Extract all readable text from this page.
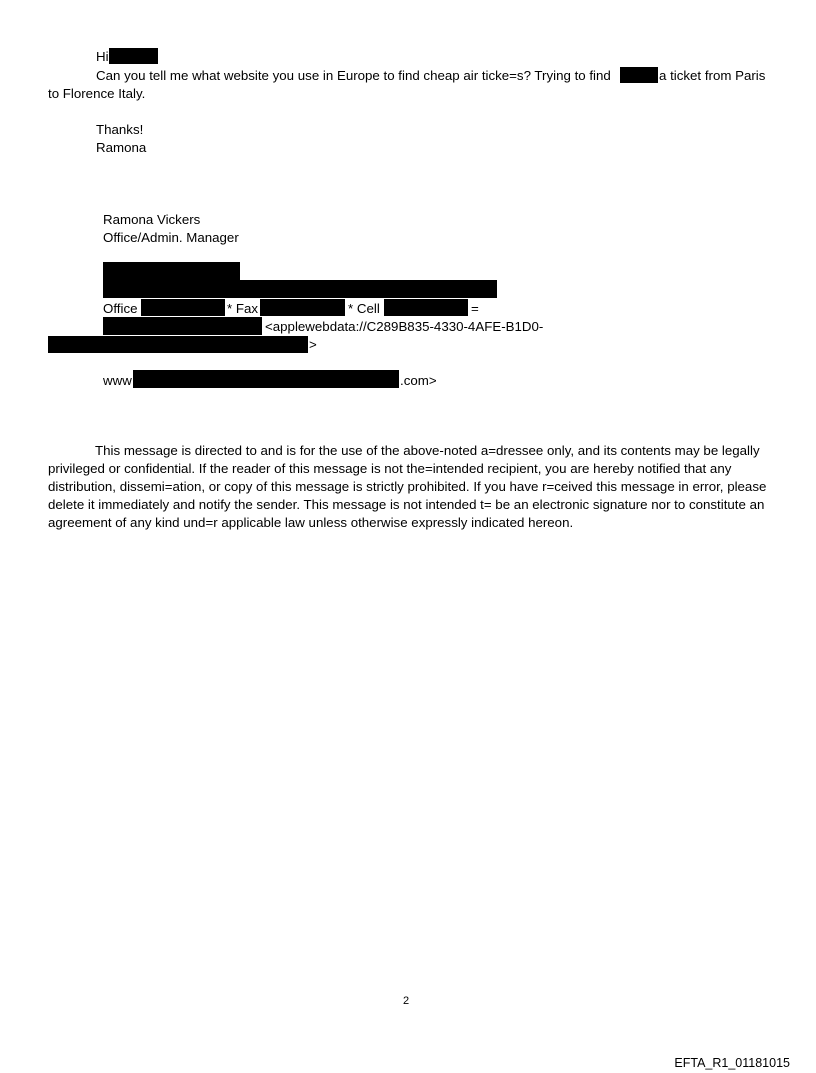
Hi
Can you tell me what website you use in Europe to find cheap air ticke=s? Trying to find	a ticket from Paris
to Florence Italy.
Thanks!
Ramona
Ramona Vickers
Office/Admin. Manager
Office	* Fax	* Cell	=
<applewebdata://C289B835-4330-4AFE-B1D0-
>
www	.com>
This message is directed to and is for the use of the above-noted a=dressee only, and its contents may be legally privileged or confidential. If the reader of this message is not the=intended recipient, you are hereby notified that any distribution, dissemi=ation, or copy of this message is strictly prohibited. If you have r=ceived this message in error, please delete it immediately and notify the sender. This message is not intended t= be an electronic signature nor to constitute an agreement of any kind und=r applicable law unless otherwise expressly indicated hereon.
2
EFTA_R1_01181015
